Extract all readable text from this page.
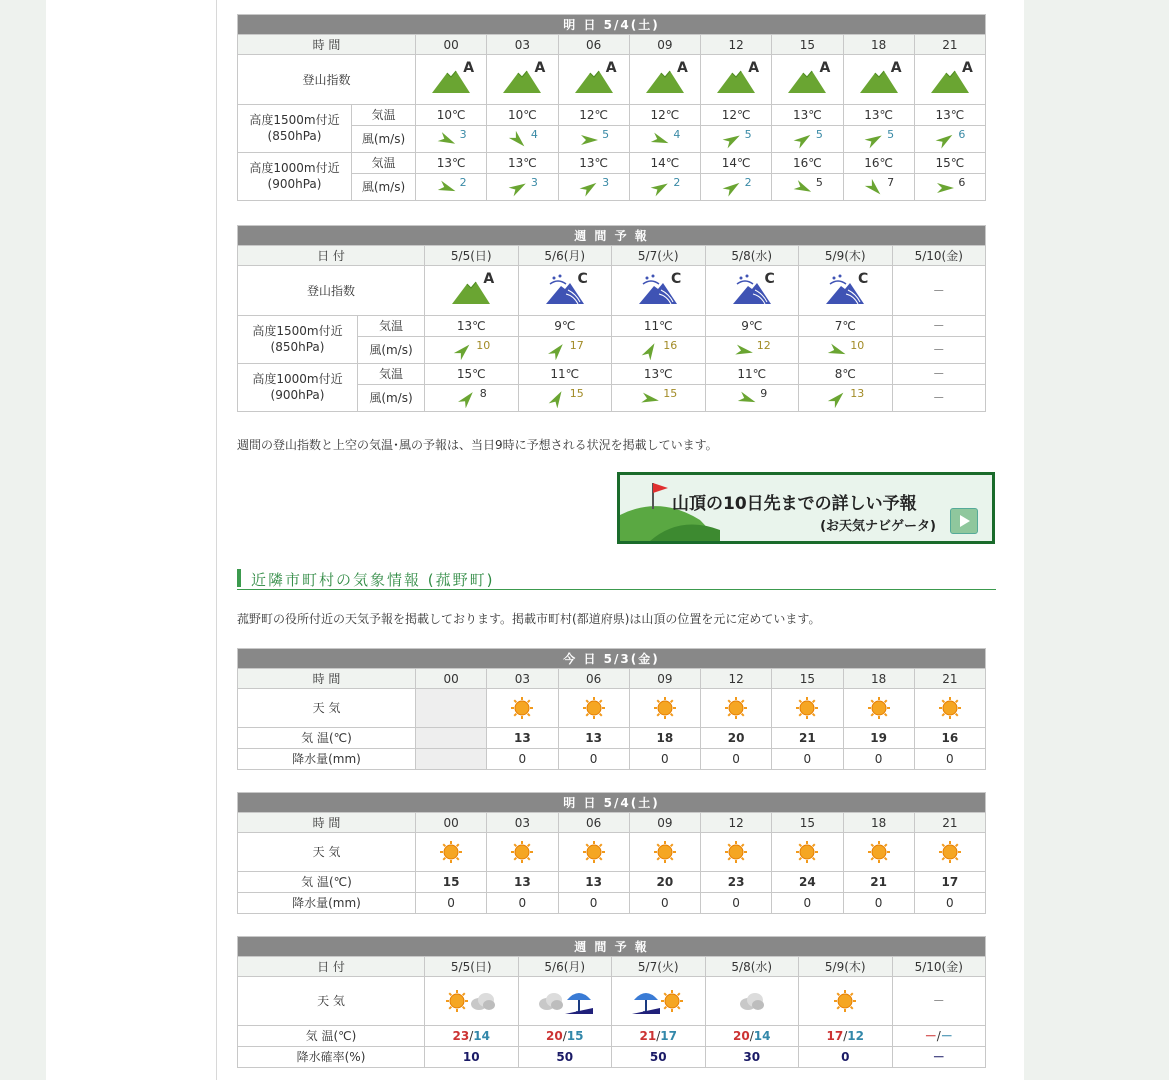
明 日 5/4(土)									
時 間		00	03	06	09	12	15	18	21
登山指数		A	A	A	A	A	A	A	A

高度1500m付近
(850hPa)	気温	10℃	10℃	12℃	12℃	12℃	13℃	13℃	13℃
	風(m/s)	3	4	5	4	5	5	5	6
高度1000m付近
(900hPa)	気温	13℃	13℃	13℃	14℃	14℃	16℃	16℃	15℃
	風(m/s)	2	3	3	2	2	5	7	6
週 間 予 報							
日 付		5/5(日)	5/6(月)	5/7(火)	5/8(水)	5/9(木)	5/10(金)
登山指数		A	C	C	C	C	－
高度1500m付近
(850hPa)	気温	13℃	9℃	11℃	9℃	7℃	－
	風(m/s)	10	17	16	12	10	－
高度1000m付近
(900hPa)	気温	15℃	11℃	13℃	11℃	8℃	－
	風(m/s)	8	15	15	9	13	－
週間の登山指数と上空の気温･風の予報は、当日9時に予想される状況を掲載しています。
山頂の10日先までの詳しい予報
(お天気ナビゲータ)
近隣市町村の気象情報 (菰野町)
菰野町の役所付近の天気予報を掲載しております。掲載市町村(都道府県)は山頂の位置を元に定めています。
今 日 5/3(金)								
時 間	00	03	06	09	12	15	18	21
天 気								
気 温(℃)		13	13	18	20	21	19	16
降水量(mm)		0	0	0	0	0	0	0
明 日 5/4(土)								
時 間	00	03	06	09	12	15	18	21
天 気								
気 温(℃)	15	13	13	20	23	24	21	17
降水量(mm)	0	0	0	0	0	0	0	0
週 間 予 報						
日 付	5/5(日)	5/6(月)	5/7(火)	5/8(水)	5/9(木)	5/10(金)
天 気						－
気 温(℃)	23/14	20/15	21/17	20/14	17/12	－/－
降水確率(%)	10	50	50	30	0	－
